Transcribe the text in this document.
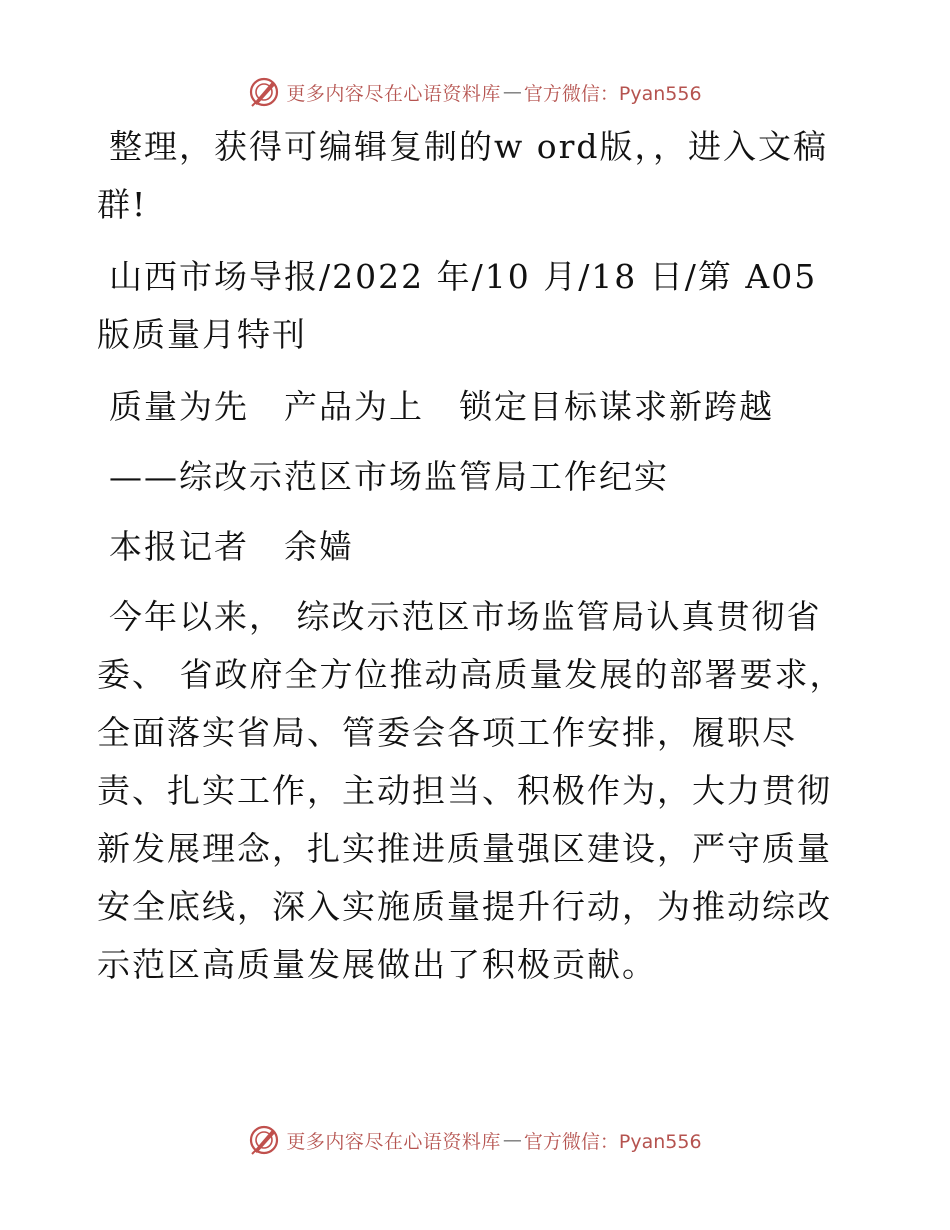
更多内容尽在心语资料库 — 官方微信：Pyan556

整理，获得可编辑复制的w ord版，，进入文稿群!

山西市场导报/2022 年/10 月/18 日/第 A05 版质量月特刊

质量为先　产品为上　锁定目标谋求新跨越

——综改示范区市场监管局工作纪实

本报记者　余嫱

今年以来， 综改示范区市场监管局认真贯彻省委、 省政府全方位推动高质量发展的部署要求，全面落实省局、管委会各项工作安排，履职尽责、扎实工作，主动担当、积极作为，大力贯彻新发展理念，扎实推进质量强区建设，严守质量安全底线，深入实施质量提升行动，为推动综改示范区高质量发展做出了积极贡献。

更多内容尽在心语资料库 — 官方微信：Pyan556
